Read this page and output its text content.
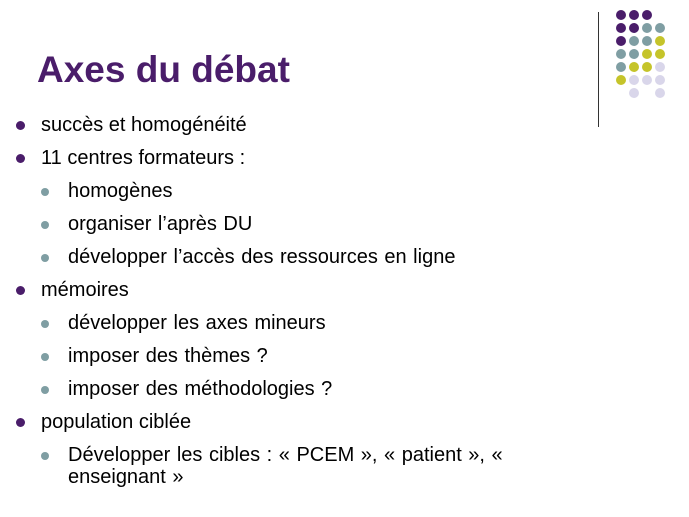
Axes du débat
succès et homogénéité
11 centres formateurs :
homogènes
organiser l’après DU
développer l’accès des ressources en ligne
mémoires
développer les axes mineurs
imposer des thèmes ?
imposer des méthodologies ?
population ciblée
Développer les cibles : « PCEM », « patient », « enseignant »
